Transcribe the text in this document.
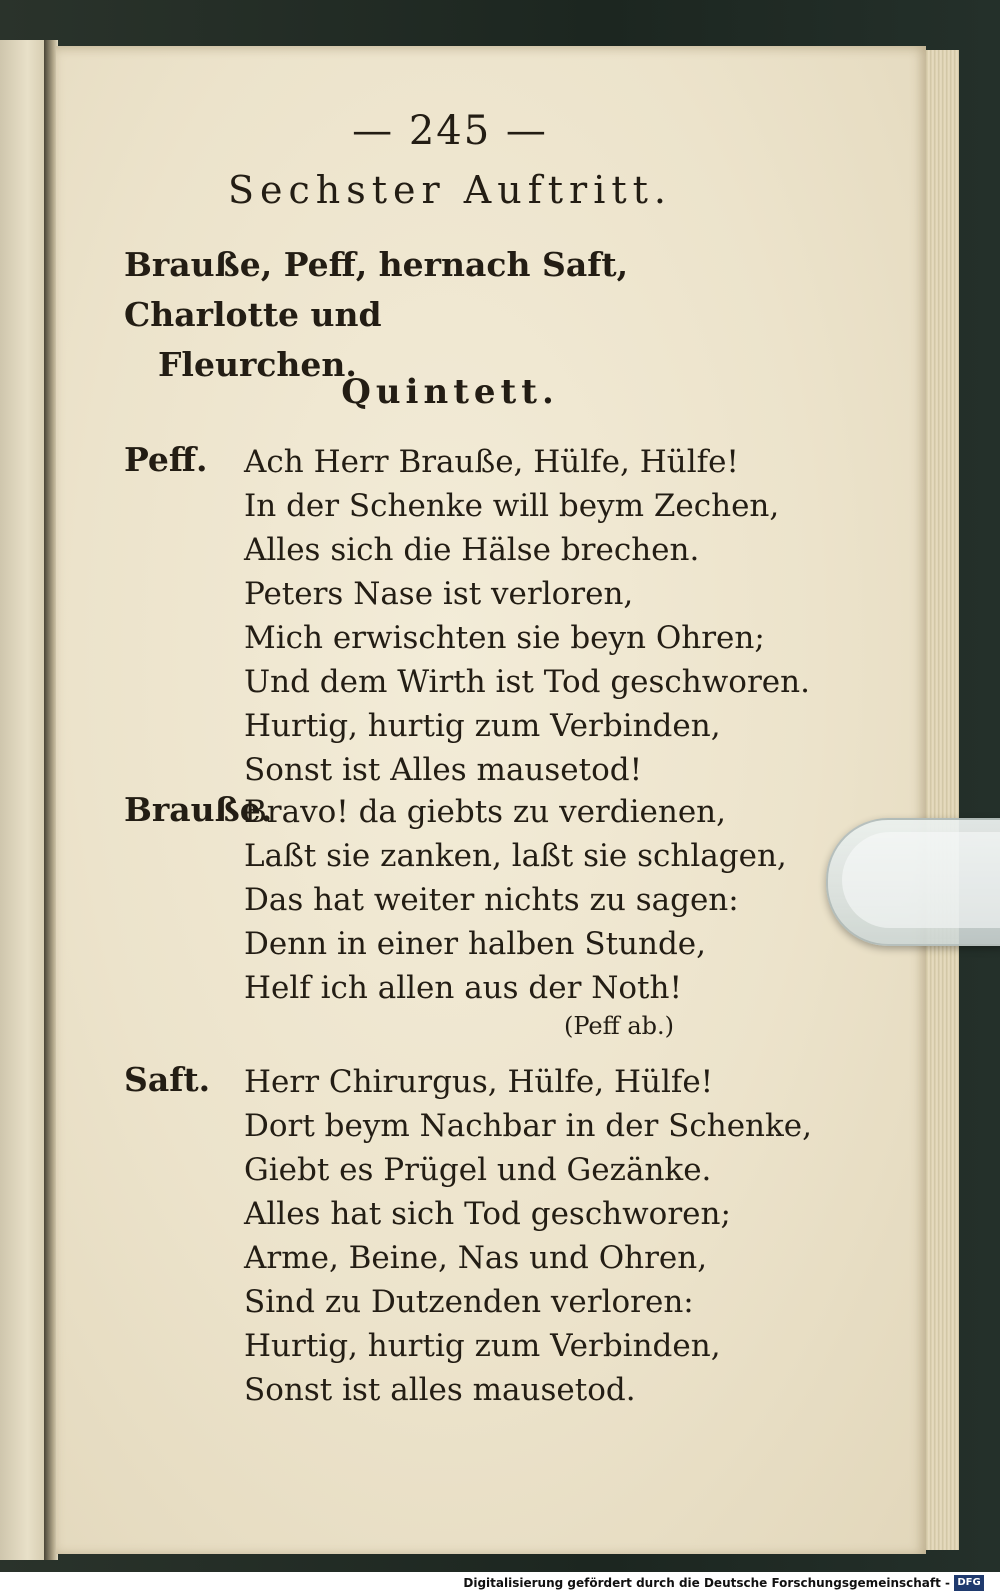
— 245 —
Sechster Auftritt.
Braußе, Peff, hernach Saft, Charlotte und
Fleurchen.
Quintett.
Peff. Ach Herr Braußе, Hülfe, Hülfe!
In der Schenke will beym Zechen,
Alles sich die Hälse brechen.
Peters Nase ist verloren,
Mich erwischten sie beyn Ohren;
Und dem Wirth ist Tod geschworen.
Hurtig, hurtig zum Verbinden,
Sonst ist Alles mausetod!
Braußе.
Bravo! da giebts zu verdienen,
Laßt sie zanken, laßt sie schlagen,
Das hat weiter nichts zu sagen:
Denn in einer halben Stunde,
Helf ich allen aus der Noth!
(Peff ab.)
Saft. Herr Chirurgus, Hülfe, Hülfe!
Dort beym Nachbar in der Schenke,
Giebt es Prügel und Gezänke.
Alles hat sich Tod geschworen;
Arme, Beine, Nas und Ohren,
Sind zu Dutzenden verloren:
Hurtig, hurtig zum Verbinden,
Sonst ist alles mausetod.
Digitalisierung gefördert durch die Deutsche Forschungsgemeinschaft - DFG
